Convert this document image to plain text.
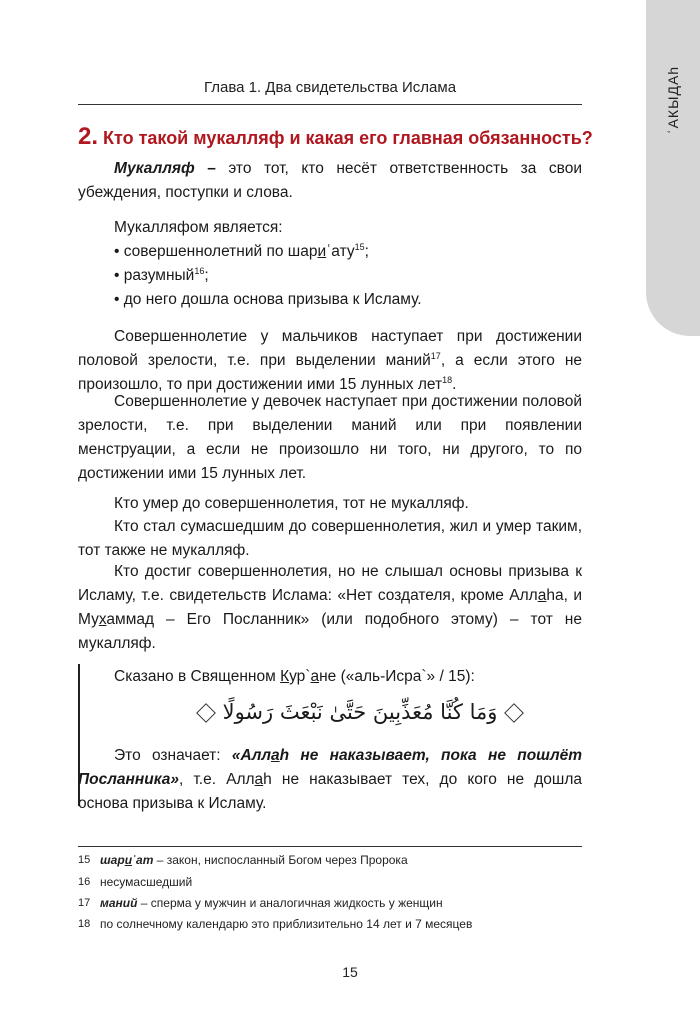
ʿАКЫДАh
Глава 1. Два свидетельства Ислама
2. Кто такой мукалляф и какая его главная обязанность?
Мукалляф – это тот, кто несёт ответственность за свои убеждения, поступки и слова.
Мукалляфом является:
• совершеннолетний по шариʿату$^{15}$;
• разумный$^{16}$;
• до него дошла основа призыва к Исламу.
Совершеннолетие у мальчиков наступает при достижении половой зрелости, т.е. при выделении маний$^{17}$, а если этого не произошло, то при достижении ими 15 лунных лет$^{18}$.
Совершеннолетие у девочек наступает при достижении половой зрелости, т.е. при выделении маний или при появлении менструации, а если не произошло ни того, ни другого, то по достижении ими 15 лунных лет.
Кто умер до совершеннолетия, тот не мукалляф.
Кто стал сумасшедшим до совершеннолетия, жил и умер таким, тот также не мукалляф.
Кто достиг совершеннолетия, но не слышал основы призыва к Исламу, т.е. свидетельств Ислама: «Нет создателя, кроме Аллаhа, и Мухаммад – Его Посланник» (или подобного этому) – тот не мукалляф.
Сказано в Священном Кур`ане («аль-Исра`» / 15):
وَمَا كُنَّا مُعَذِّبِينَ حَتَّىٰ نَبْعَثَ رَسُولًا
Это означает: «Аллаh не наказывает, пока не пошлёт Посланника», т.е. Аллаh не наказывает тех, до кого не дошла основа призыва к Исламу.
15 шариʿат – закон, ниспосланный Богом через Пророка
16 несумасшедший
17 маний – сперма у мужчин и аналогичная жидкость у женщин
18 по солнечному календарю это приблизительно 14 лет и 7 месяцев
15
